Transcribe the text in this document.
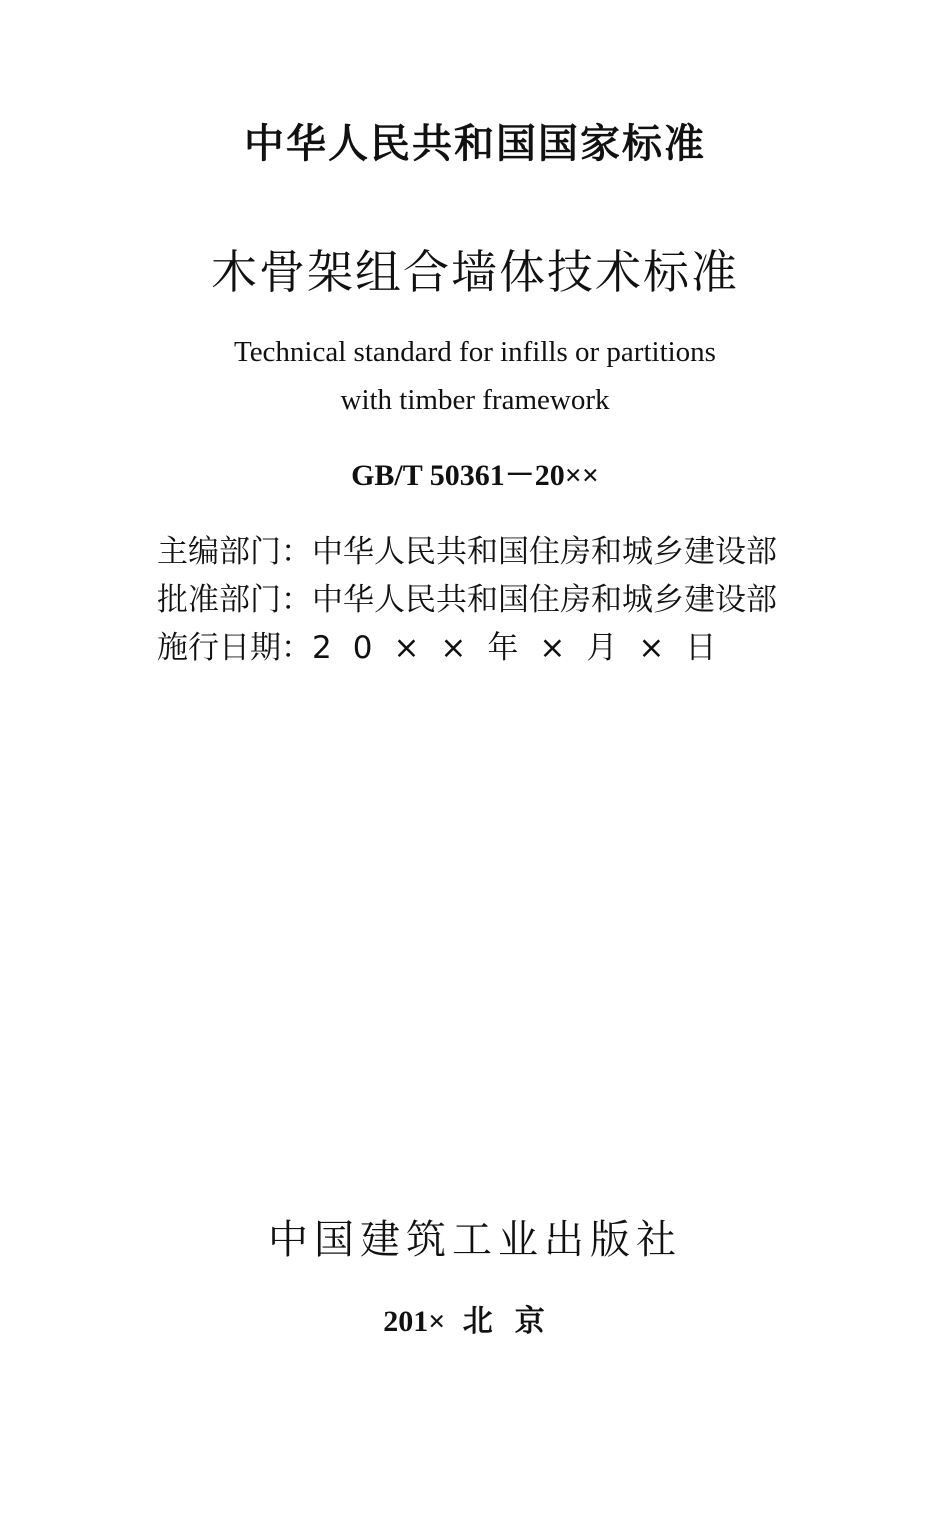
中华人民共和国国家标准
木骨架组合墙体技术标准
Technical standard for infills or partitions
with timber framework
GB/T 50361－20××
主编部门：中华人民共和国住房和城乡建设部
批准部门：中华人民共和国住房和城乡建设部
施行日期：20××年×月×日
中国建筑工业出版社
201× 北京
